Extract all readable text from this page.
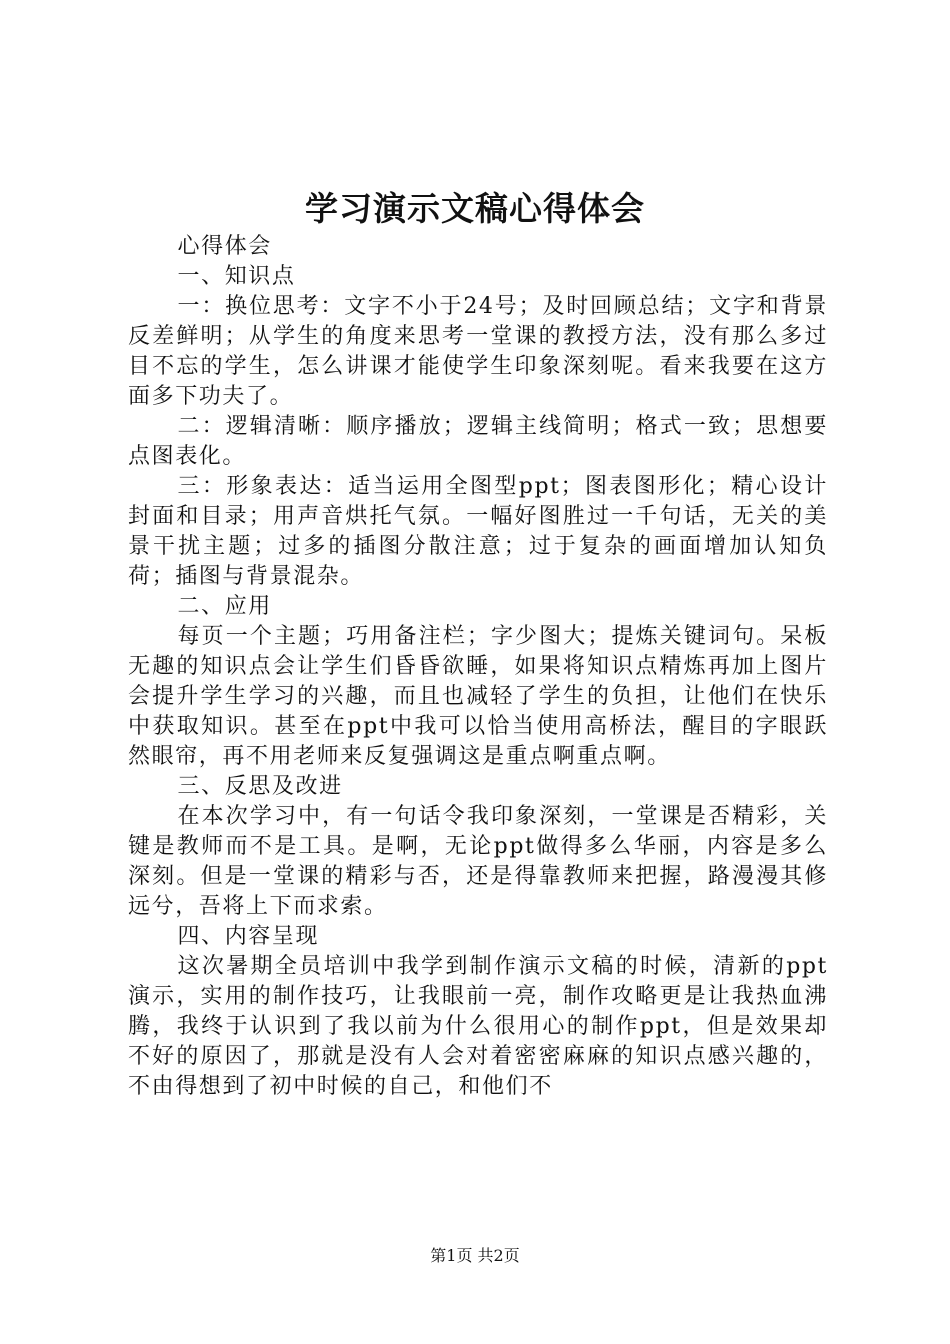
学习演示文稿心得体会

心得体会

一、知识点

一：换位思考：文字不小于24号；及时回顾总结；文字和背景反差鲜明；从学生的角度来思考一堂课的教授方法，没有那么多过目不忘的学生，怎么讲课才能使学生印象深刻呢。看来我要在这方面多下功夫了。

二：逻辑清晰：顺序播放；逻辑主线简明；格式一致；思想要点图表化。

三：形象表达：适当运用全图型ppt；图表图形化；精心设计封面和目录；用声音烘托气氛。一幅好图胜过一千句话，无关的美景干扰主题；过多的插图分散注意；过于复杂的画面增加认知负荷；插图与背景混杂。

二、应用

每页一个主题；巧用备注栏；字少图大；提炼关键词句。呆板无趣的知识点会让学生们昏昏欲睡，如果将知识点精炼再加上图片会提升学生学习的兴趣，而且也减轻了学生的负担，让他们在快乐中获取知识。甚至在ppt中我可以恰当使用高桥法，醒目的字眼跃然眼帘，再不用老师来反复强调这是重点啊重点啊。

三、反思及改进

在本次学习中，有一句话令我印象深刻，一堂课是否精彩，关键是教师而不是工具。是啊，无论ppt做得多么华丽，内容是多么深刻。但是一堂课的精彩与否，还是得靠教师来把握，路漫漫其修远兮，吾将上下而求索。

四、内容呈现

这次暑期全员培训中我学到制作演示文稿的时候，清新的ppt演示，实用的制作技巧，让我眼前一亮，制作攻略更是让我热血沸腾，我终于认识到了我以前为什么很用心的制作ppt，但是效果却不好的原因了，那就是没有人会对着密密麻麻的知识点感兴趣的，不由得想到了初中时候的自己，和他们不

第1页 共2页
